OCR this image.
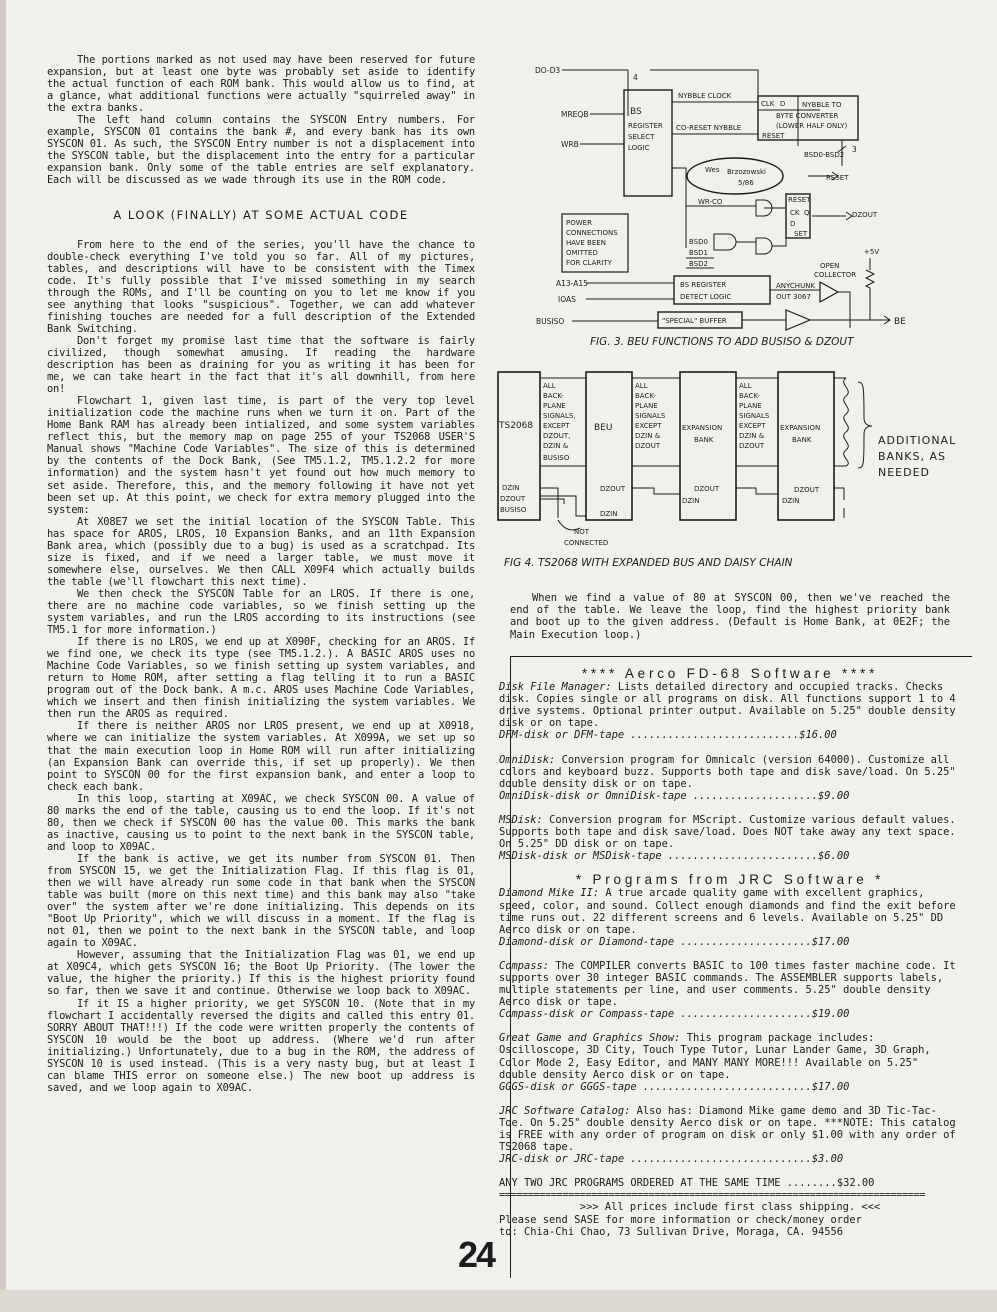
The portions marked as not used may have been reserved for future expansion, but at least one byte was probably set aside to identify the actual function of each ROM bank. This would allow us to find, at a glance, what additional functions were actually "squirreled away" in the extra banks.

The left hand column contains the SYSCON Entry numbers. For example, SYSCON 01 contains the bank #, and every bank has its own SYSCON 01. As such, the SYSCON Entry number is not a displacement into the SYSCON table, but the displacement into the entry for a particular expansion bank. Only some of the table entries are self explanatory. Each will be discussed as we wade through its use in the ROM code.

A LOOK (FINALLY) AT SOME ACTUAL CODE

From here to the end of the series, you'll have the chance to double-check everything I've told you so far. All of my pictures, tables, and descriptions will have to be consistent with the Timex code. It's fully possible that I've missed something in my search through the ROMs, and I'll be counting on you to let me know if you see anything that looks "suspicious". Together, we can add whatever finishing touches are needed for a full description of the Extended Bank Switching.

Don't forget my promise last time that the software is fairly civilized, though somewhat amusing. If reading the hardware description has been as draining for you as writing it has been for me, we can take heart in the fact that it's all downhill, from here on!

Flowchart 1, given last time, is part of the very top level initialization code the machine runs when we turn it on. Part of the Home Bank RAM has already been intialized, and some system variables reflect this, but the memory map on page 255 of your TS2068 USER'S Manual shows "Machine Code Variables". The size of this is determined by the contents of the Dock Bank, (See TM5.1.2, TM5.1.2.2 for more information) and the system hasn't yet found out how much memory to set aside. Therefore, this, and the memory following it have not yet been set up. At this point, we check for extra memory plugged into the system:

At X08E7 we set the initial location of the SYSCON Table. This has space for AROS, LROS, 10 Expansion Banks, and an 11th Expansion Bank area, which (possibly due to a bug) is used as a scratchpad. Its size is fixed, and if we need a larger table, we must move it somewhere else, ourselves. We then CALL X09F4 which actually builds the table (we'll flowchart this next time).

We then check the SYSCON Table for an LROS. If there is one, there are no machine code variables, so we finish setting up the system variables, and run the LROS according to its instructions (see TM5.1 for more information.)

If there is no LROS, we end up at X090F, checking for an AROS. If we find one, we check its type (see TM5.1.2.). A BASIC AROS uses no Machine Code Variables, so we finish setting up system variables, and return to Home ROM, after setting a flag telling it to run a BASIC program out of the Dock bank. A m.c. AROS uses Machine Code Variables, which we insert and then finish initializing the system variables. We then run the AROS as required.

If there is neither AROS nor LROS present, we end up at X0918, where we can initialize the system variables. At X099A, we set up so that the main execution loop in Home ROM will run after initializing (an Expansion Bank can override this, if set up properly). We then point to SYSCON 00 for the first expansion bank, and enter a loop to check each bank.

In this loop, starting at X09AC, we check SYSCON 00. A value of 80 marks the end of the table, causing us to end the loop. If it's not 80, then we check if SYSCON 00 has the value 00. This marks the bank as inactive, causing us to point to the next bank in the SYSCON table, and loop to X09AC.

If the bank is active, we get its number from SYSCON 01. Then from SYSCON 15, we get the Initialization Flag. If this flag is 01, then we will have already run some code in that bank when the SYSCON table was built (more on this next time) and this bank may also "take over" the system after we're done initializing. This depends on its "Boot Up Priority", which we will discuss in a moment. If the flag is not 01, then we point to the next bank in the SYSCON table, and loop again to X09AC.

However, assuming that the Initialization Flag was 01, we end up at X09C4, which gets SYSCON 16; the Boot Up Priority. (The lower the value, the higher the priority.) If this is the highest priority found so far, then we save it and continue. Otherwise we loop back to X09AC.

If it IS a higher priority, we get SYSCON 10. (Note that in my flowchart I accidentally reversed the digits and called this entry 01. SORRY ABOUT THAT!!!) If the code were written properly the contents of SYSCON 10 would be the boot up address. (Where we'd run after initializing.) Unfortunately, due to a bug in the ROM, the address of SYSCON 10 is used instead. (This is a very nasty bug, but at least I can blame THIS error on someone else.) The new boot up address is saved, and we loop again to X09AC.

24
DO-D3
4
MREQB
WRB
BS
REGISTER
SELECT
LOGIC
NYBBLE CLOCK
CO-RESET NYBBLE
CLK D
RESET
NYBBLE TO
BYTE CONVERTER
(LOWER HALF ONLY)
BSD0-BSD2
3
Wes Brzozowski
5/86
RESET
DZOUT
RESET
CK
D
Q
SET
WR-CO
POWER
CONNECTIONS
HAVE BEEN
OMITTED
FOR CLARITY
BSD0
BSD1
BSD2
A13-A15
IOAS
BS REGISTER
DETECT LOGIC
ANYCHUNK
OUT 3067
OPEN
COLLECTOR
+5V
BUSISO	"SPECIAL" BUFFER	BE
FIG. 3. BEU FUNCTIONS TO ADD BUSISO & DZOUT
TS2068
DZIN
DZOUT
BUSISO
ALL
BACK-
PLANE
SIGNALS,
EXCEPT
DZOUT,
DZIN &
BUSISO
BEU
ALL
BACK-
PLANE
SIGNALS
EXCEPT
DZIN &
DZOUT
EXPANSION
BANK
ALL
BACK-
PLANE
SIGNALS
EXCEPT
DZIN &
DZOUT
EXPANSION
BANK	ADDITIONAL
BANKS, AS
NEEDED
DZOUT
DZIN
DZOUT
DZIN
DZOUT
DZIN
NOT
CONNECTED
FIG 4. TS2068 WITH EXPANDED BUS AND DAISY CHAIN
When we find a value of 80 at SYSCON 00, then we've reached the end of the table. We leave the loop, find the highest priority bank and boot up to the given address. (Default is Home Bank, at 0E2F; the Main Execution loop.)
**** Aerco FD-68 Software ****
Disk File Manager: Lists detailed directory and occupied tracks. Checks disk. Copies single or all programs on disk. All functions support 1 to 4 drive systems. Optional printer output. Available on 5.25" double density disk or on tape.
DFM-disk or DFM-tape ...........................$16.00
OmniDisk: Conversion program for Omnicalc (version 64000). Customize all colors and keyboard buzz. Supports both tape and disk save/load. On 5.25" double density disk or on tape.
OmniDisk-disk or OmniDisk-tape ....................$9.00
MSDisk: Conversion program for MScript. Customize various default values. Supports both tape and disk save/load. Does NOT take away any text space. On 5.25" DD disk or on tape.
MSDisk-disk or MSDisk-tape ........................$6.00
* Programs from JRC Software *
Diamond Mike II: A true arcade quality game with excellent graphics, speed, color, and sound. Collect enough diamonds and find the exit before time runs out. 22 different screens and 6 levels. Available on 5.25" DD Aerco disk or on tape.
Diamond-disk or Diamond-tape .....................$17.00
Compass: The COMPILER converts BASIC to 100 times faster machine code. It supports over 30 integer BASIC commands. The ASSEMBLER supports labels, multiple statements per line, and user comments. 5.25" double density Aerco disk or tape.
Compass-disk or Compass-tape .....................$19.00
Great Game and Graphics Show: This program package includes: Oscilloscope, 3D City, Touch Type Tutor, Lunar Lander Game, 3D Graph, Color Mode 2, Easy Editor, and MANY MANY MORE!!! Available on 5.25" double density Aerco disk or on tape.
GGGS-disk or GGGS-tape ...........................$17.00
JRC Software Catalog: Also has: Diamond Mike game demo and 3D Tic-Tac-Toe. On 5.25" double density Aerco disk or on tape. ***NOTE: This catalog is FREE with any order of program on disk or only $1.00 with any order of TS2068 tape.
JRC-disk or JRC-tape .............................$3.00
ANY TWO JRC PROGRAMS ORDERED AT THE SAME TIME ........$32.00
==========================================================================
>>> All prices include first class shipping. <<<
Please send SASE for more information or check/money order
to: Chia-Chi Chao, 73 Sullivan Drive, Moraga, CA. 94556
